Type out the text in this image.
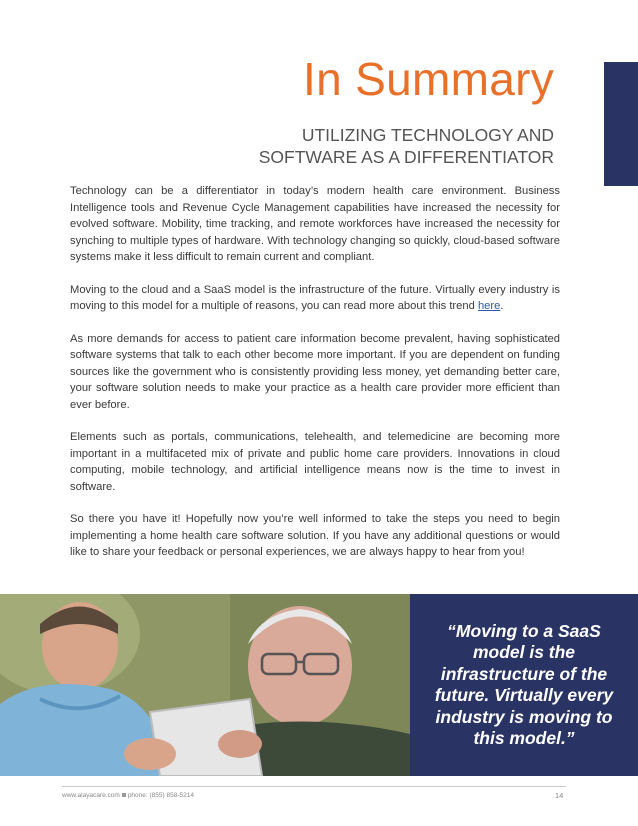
In Summary
UTILIZING TECHNOLOGY AND
SOFTWARE AS A DIFFERENTIATOR

Technology can be a differentiator in today’s modern health care environment. Business Intelligence tools and Revenue Cycle Management capabilities have increased the necessity for evolved software. Mobility, time tracking, and remote workforces have increased the necessity for synching to multiple types of hardware. With technology changing so quickly, cloud-based software systems make it less difficult to remain current and compliant.

Moving to the cloud and a SaaS model is the infrastructure of the future. Virtually every industry is moving to this model for a multiple of reasons, you can read more about this trend here.

As more demands for access to patient care information become prevalent, having sophisticated software systems that talk to each other become more important. If you are dependent on funding sources like the government who is consistently providing less money, yet demanding better care, your software solution needs to make your practice as a health care provider more efficient than ever before.

Elements such as portals, communications, telehealth, and telemedicine are becoming more important in a multifaceted mix of private and public home care providers. Innovations in cloud computing, mobile technology, and artificial intelligence means now is the time to invest in software.

So there you have it! Hopefully now you’re well informed to take the steps you need to begin implementing a home health care software solution. If you have any additional questions or would like to share your feedback or personal experiences, we are always happy to hear from you!

“Moving to a SaaS model is the infrastructure of the future. Virtually every industry is moving to this model.”
www.alayacare.com phone: (855) 858-5214	14
